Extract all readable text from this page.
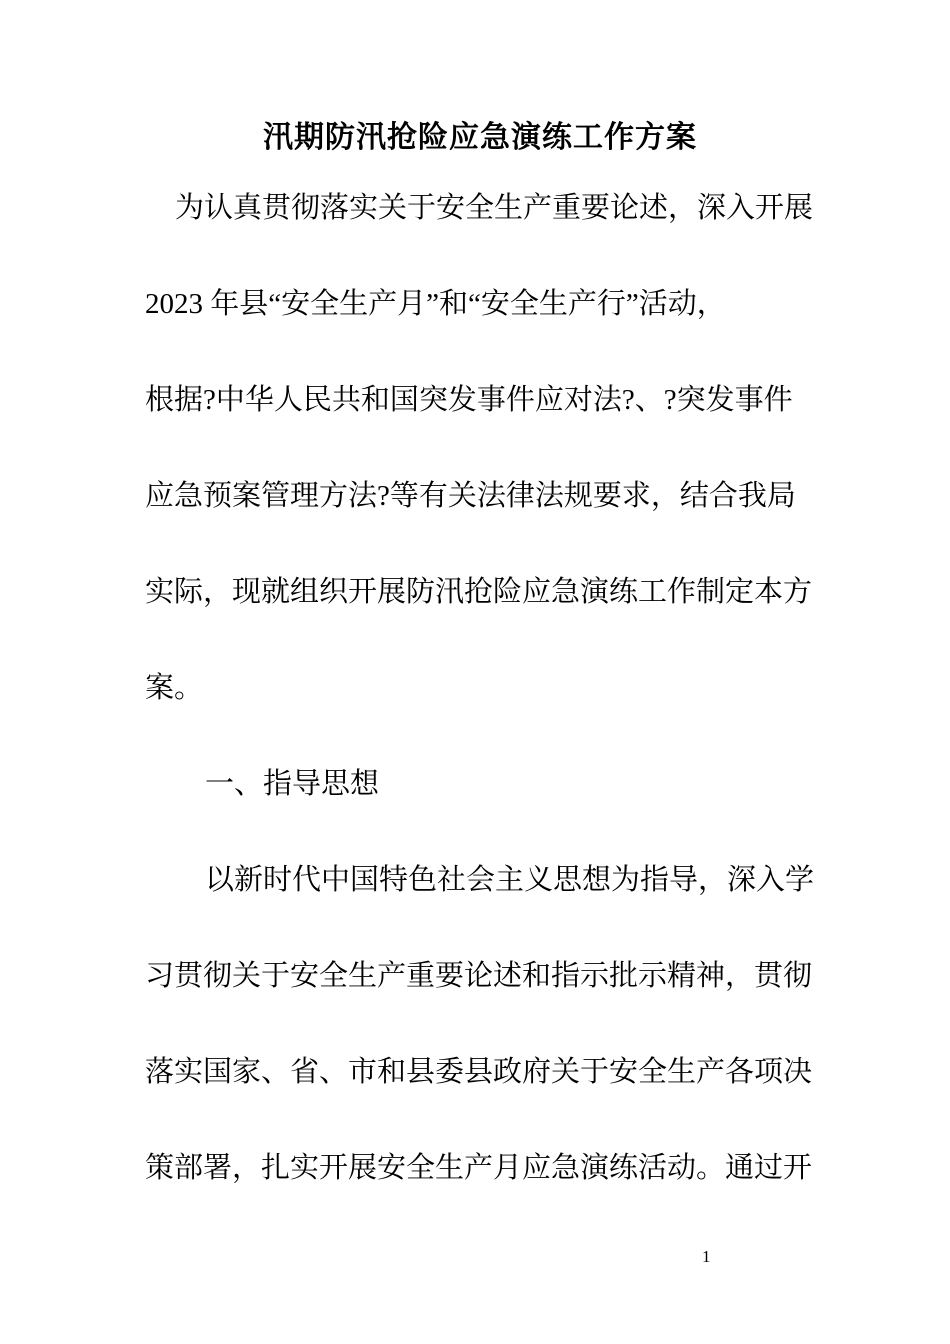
汛期防汛抢险应急演练工作方案
为认真贯彻落实关于安全生产重要论述，深入开展
2023 年县“安全生产月”和“安全生产行”活动，
根据?中华人民共和国突发事件应对法?、?突发事件
应急预案管理方法?等有关法律法规要求，结合我局
实际，现就组织开展防汛抢险应急演练工作制定本方
案。
一、指导思想
以新时代中国特色社会主义思想为指导，深入学
习贯彻关于安全生产重要论述和指示批示精神，贯彻
落实国家、省、市和县委县政府关于安全生产各项决
策部署，扎实开展安全生产月应急演练活动。通过开
1
